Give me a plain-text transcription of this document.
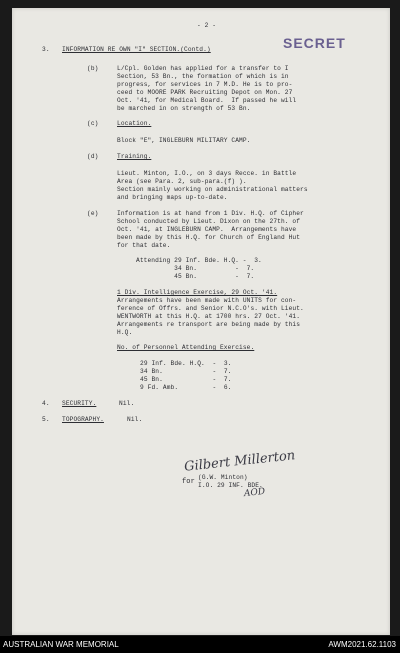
- 2 -
SECRET
3. INFORMATION RE OWN "I" SECTION.(Contd.)
(b)	L/Cpl. Golden has applied for a transfer to I
Section, 53 Bn., the formation of which is in
progress, for services in 7 M.D. He is to pro-
ceed to MOORE PARK Recruiting Depot on Mon. 27
Oct. '41, for Medical Board.  If passed he will
be marched in on strength of 53 Bn.
(c)	Location.
Block "E", INGLEBURN MILITARY CAMP.
(d)	Training.
Lieut. Minton, I.O., on 3 days Recce. in Battle
Area (see Para. 2, sub-para.(f) ).
Section mainly working on administrational matters
and bringing maps up-to-date.
(e)	Information is at hand from 1 Div. H.Q. of Cipher
School conducted by Lieut. Dixon on the 27th. of
Oct. '41, at INGLEBURN CAMP.  Arrangements have
been made by this H.Q. for Church of England Hut
for that date.
Attending 29 Inf. Bde. H.Q. -  3.
34 Bn.          -  7.
45 Bn.          -  7.
1 Div. Intelligence Exercise, 29 Oct. '41.
Arrangements have been made with UNITS for con-
ference of Offrs. and Senior N.C.O's. with Lieut.
WENTWORTH at this H.Q. at 1700 hrs. 27 Oct. '41.
Arrangements re transport are being made by this
H.Q.
No. of Personnel Attending Exercise.
29 Inf. Bde. H.Q.  -  3.
34 Bn.             -  7.
45 Bn.             -  7.
9 Fd. Amb.         -  6.
4. SECURITY.	Nil.
5. TOPOGRAPHY.	Nil.
Gilbert Millerton
for
(G.W. Minton)
I.O. 29 INF. BDE.
AOD
AUSTRALIAN WAR MEMORIAL	AWM2021.62.1103
